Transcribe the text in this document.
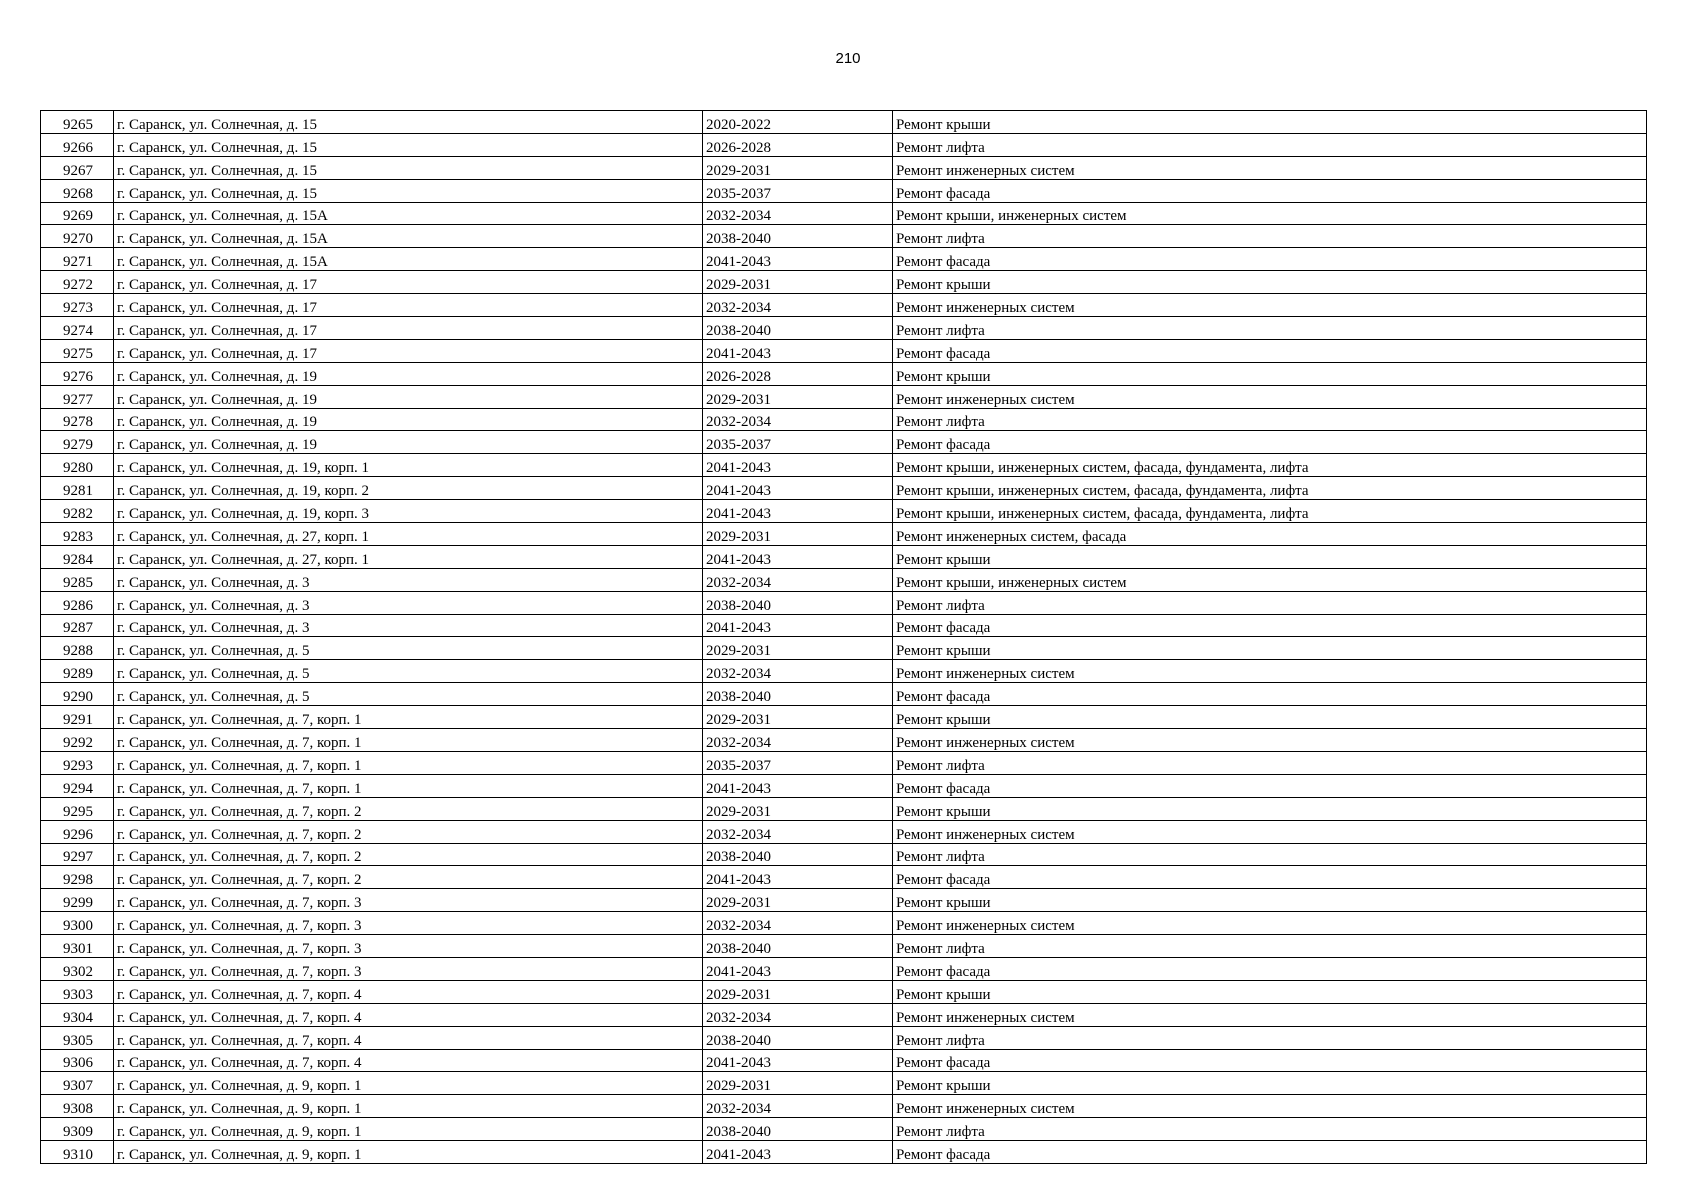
210
9265	г. Саранск, ул. Солнечная, д. 15	2020-2022	Ремонт крыши
9266	г. Саранск, ул. Солнечная, д. 15	2026-2028	Ремонт лифта
9267	г. Саранск, ул. Солнечная, д. 15	2029-2031	Ремонт инженерных систем
9268	г. Саранск, ул. Солнечная, д. 15	2035-2037	Ремонт фасада
9269	г. Саранск, ул. Солнечная, д. 15А	2032-2034	Ремонт крыши, инженерных систем
9270	г. Саранск, ул. Солнечная, д. 15А	2038-2040	Ремонт лифта
9271	г. Саранск, ул. Солнечная, д. 15А	2041-2043	Ремонт фасада
9272	г. Саранск, ул. Солнечная, д. 17	2029-2031	Ремонт крыши
9273	г. Саранск, ул. Солнечная, д. 17	2032-2034	Ремонт инженерных систем
9274	г. Саранск, ул. Солнечная, д. 17	2038-2040	Ремонт лифта
9275	г. Саранск, ул. Солнечная, д. 17	2041-2043	Ремонт фасада
9276	г. Саранск, ул. Солнечная, д. 19	2026-2028	Ремонт крыши
9277	г. Саранск, ул. Солнечная, д. 19	2029-2031	Ремонт инженерных систем
9278	г. Саранск, ул. Солнечная, д. 19	2032-2034	Ремонт лифта
9279	г. Саранск, ул. Солнечная, д. 19	2035-2037	Ремонт фасада
9280	г. Саранск, ул. Солнечная, д. 19, корп. 1	2041-2043	Ремонт крыши, инженерных систем, фасада, фундамента, лифта
9281	г. Саранск, ул. Солнечная, д. 19, корп. 2	2041-2043	Ремонт крыши, инженерных систем, фасада, фундамента, лифта
9282	г. Саранск, ул. Солнечная, д. 19, корп. 3	2041-2043	Ремонт крыши, инженерных систем, фасада, фундамента, лифта
9283	г. Саранск, ул. Солнечная, д. 27, корп. 1	2029-2031	Ремонт инженерных систем, фасада
9284	г. Саранск, ул. Солнечная, д. 27, корп. 1	2041-2043	Ремонт крыши
9285	г. Саранск, ул. Солнечная, д. 3	2032-2034	Ремонт крыши, инженерных систем
9286	г. Саранск, ул. Солнечная, д. 3	2038-2040	Ремонт лифта
9287	г. Саранск, ул. Солнечная, д. 3	2041-2043	Ремонт фасада
9288	г. Саранск, ул. Солнечная, д. 5	2029-2031	Ремонт крыши
9289	г. Саранск, ул. Солнечная, д. 5	2032-2034	Ремонт инженерных систем
9290	г. Саранск, ул. Солнечная, д. 5	2038-2040	Ремонт фасада
9291	г. Саранск, ул. Солнечная, д. 7, корп. 1	2029-2031	Ремонт крыши
9292	г. Саранск, ул. Солнечная, д. 7, корп. 1	2032-2034	Ремонт инженерных систем
9293	г. Саранск, ул. Солнечная, д. 7, корп. 1	2035-2037	Ремонт лифта
9294	г. Саранск, ул. Солнечная, д. 7, корп. 1	2041-2043	Ремонт фасада
9295	г. Саранск, ул. Солнечная, д. 7, корп. 2	2029-2031	Ремонт крыши
9296	г. Саранск, ул. Солнечная, д. 7, корп. 2	2032-2034	Ремонт инженерных систем
9297	г. Саранск, ул. Солнечная, д. 7, корп. 2	2038-2040	Ремонт лифта
9298	г. Саранск, ул. Солнечная, д. 7, корп. 2	2041-2043	Ремонт фасада
9299	г. Саранск, ул. Солнечная, д. 7, корп. 3	2029-2031	Ремонт крыши
9300	г. Саранск, ул. Солнечная, д. 7, корп. 3	2032-2034	Ремонт инженерных систем
9301	г. Саранск, ул. Солнечная, д. 7, корп. 3	2038-2040	Ремонт лифта
9302	г. Саранск, ул. Солнечная, д. 7, корп. 3	2041-2043	Ремонт фасада
9303	г. Саранск, ул. Солнечная, д. 7, корп. 4	2029-2031	Ремонт крыши
9304	г. Саранск, ул. Солнечная, д. 7, корп. 4	2032-2034	Ремонт инженерных систем
9305	г. Саранск, ул. Солнечная, д. 7, корп. 4	2038-2040	Ремонт лифта
9306	г. Саранск, ул. Солнечная, д. 7, корп. 4	2041-2043	Ремонт фасада
9307	г. Саранск, ул. Солнечная, д. 9, корп. 1	2029-2031	Ремонт крыши
9308	г. Саранск, ул. Солнечная, д. 9, корп. 1	2032-2034	Ремонт инженерных систем
9309	г. Саранск, ул. Солнечная, д. 9, корп. 1	2038-2040	Ремонт лифта
9310	г. Саранск, ул. Солнечная, д. 9, корп. 1	2041-2043	Ремонт фасада
